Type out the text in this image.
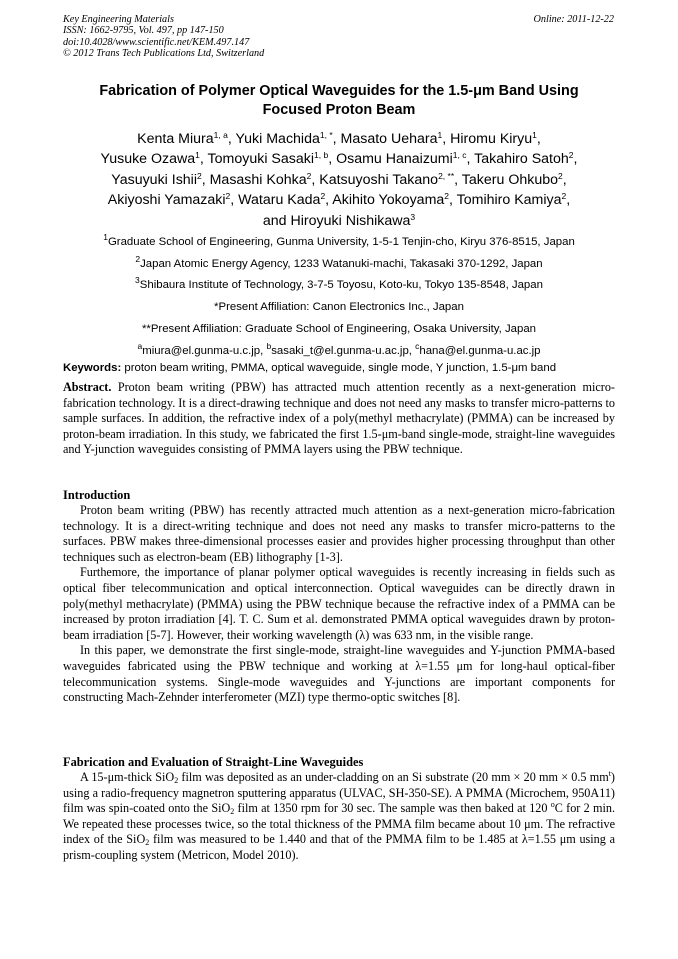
Key Engineering Materials
ISSN: 1662-9795, Vol. 497, pp 147-150
doi:10.4028/www.scientific.net/KEM.497.147
© 2012 Trans Tech Publications Ltd, Switzerland
Online: 2011-12-22
Fabrication of Polymer Optical Waveguides for the 1.5-μm Band Using
Focused Proton Beam
Kenta Miura$^{1, a}$, Yuki Machida$^{1, *}$, Masato Uehara$^1$, Hiromu Kiryu$^1$,
Yusuke Ozawa$^1$, Tomoyuki Sasaki$^{1, b}$, Osamu Hanaizumi$^{1, c}$, Takahiro Satoh$^2$,
Yasuyuki Ishii$^2$, Masashi Kohka$^2$, Katsuyoshi Takano$^{2, **}$, Takeru Ohkubo$^2$,
Akiyoshi Yamazaki$^2$, Wataru Kada$^2$, Akihito Yokoyama$^2$, Tomihiro Kamiya$^2$,
and Hiroyuki Nishikawa$^3$
$^1$Graduate School of Engineering, Gunma University, 1-5-1 Tenjin-cho, Kiryu 376-8515, Japan
$^2$Japan Atomic Energy Agency, 1233 Watanuki-machi, Takasaki 370-1292, Japan
$^3$Shibaura Institute of Technology, 3-7-5 Toyosu, Koto-ku, Tokyo 135-8548, Japan
*Present Affiliation: Canon Electronics Inc., Japan
**Present Affiliation: Graduate School of Engineering, Osaka University, Japan
$^a$miura@el.gunma-u.c.jp, $^b$sasaki_t@el.gunma-u.ac.jp, $^c$hana@el.gunma-u.ac.jp
Keywords: proton beam writing, PMMA, optical waveguide, single mode, Y junction, 1.5-μm band
Abstract. Proton beam writing (PBW) has attracted much attention recently as a next-generation micro-fabrication technology. It is a direct-drawing technique and does not need any masks to transfer micro-patterns to sample surfaces. In addition, the refractive index of a poly(methyl methacrylate) (PMMA) can be increased by proton-beam irradiation. In this study, we fabricated the first 1.5-μm-band single-mode, straight-line waveguides and Y-junction waveguides consisting of PMMA layers using the PBW technique.
Introduction

Proton beam writing (PBW) has recently attracted much attention as a next-generation micro-fabrication technology. It is a direct-writing technique and does not need any masks to transfer micro-patterns to the surfaces. PBW makes three-dimensional processes easier and provides higher processing throughput than other techniques such as electron-beam (EB) lithography [1-3].

Furthemore, the importance of planar polymer optical waveguides is recently increasing in fields such as optical fiber telecommunication and optical interconnection. Optical waveguides can be directly drawn in poly(methyl methacrylate) (PMMA) using the PBW technique because the refractive index of a PMMA can be increased by proton irradiation [4]. T. C. Sum et al. demonstrated PMMA optical waveguides drawn by proton-beam irradiation [5-7]. However, their working wavelength (λ) was 633 nm, in the visible range.

In this paper, we demonstrate the first single-mode, straight-line waveguides and Y-junction PMMA-based waveguides fabricated using the PBW technique and working at λ=1.55 μm for long-haul optical-fiber telecommunication systems. Single-mode waveguides and Y-junctions are important components for constructing Mach-Zehnder interferometer (MZI) type thermo-optic switches [8].

Fabrication and Evaluation of Straight-Line Waveguides

A 15-μm-thick SiO$_2$ film was deposited as an under-cladding on an Si substrate (20 mm × 20 mm × 0.5 $mm^t$) using a radio-frequency magnetron sputtering apparatus (ULVAC, SH-350-SE). A PMMA (Microchem, 950A11) film was spin-coated onto the SiO$_2$ film at 1350 rpm for 30 sec. The sample was then baked at 120 $^o$C for 2 min. We repeated these processes twice, so the total thickness of the PMMA film became about 10 μm. The refractive index of the SiO$_2$ film was measured to be 1.440 and that of the PMMA film to be 1.485 at λ=1.55 μm using a prism-coupling system (Metricon, Model 2010).
